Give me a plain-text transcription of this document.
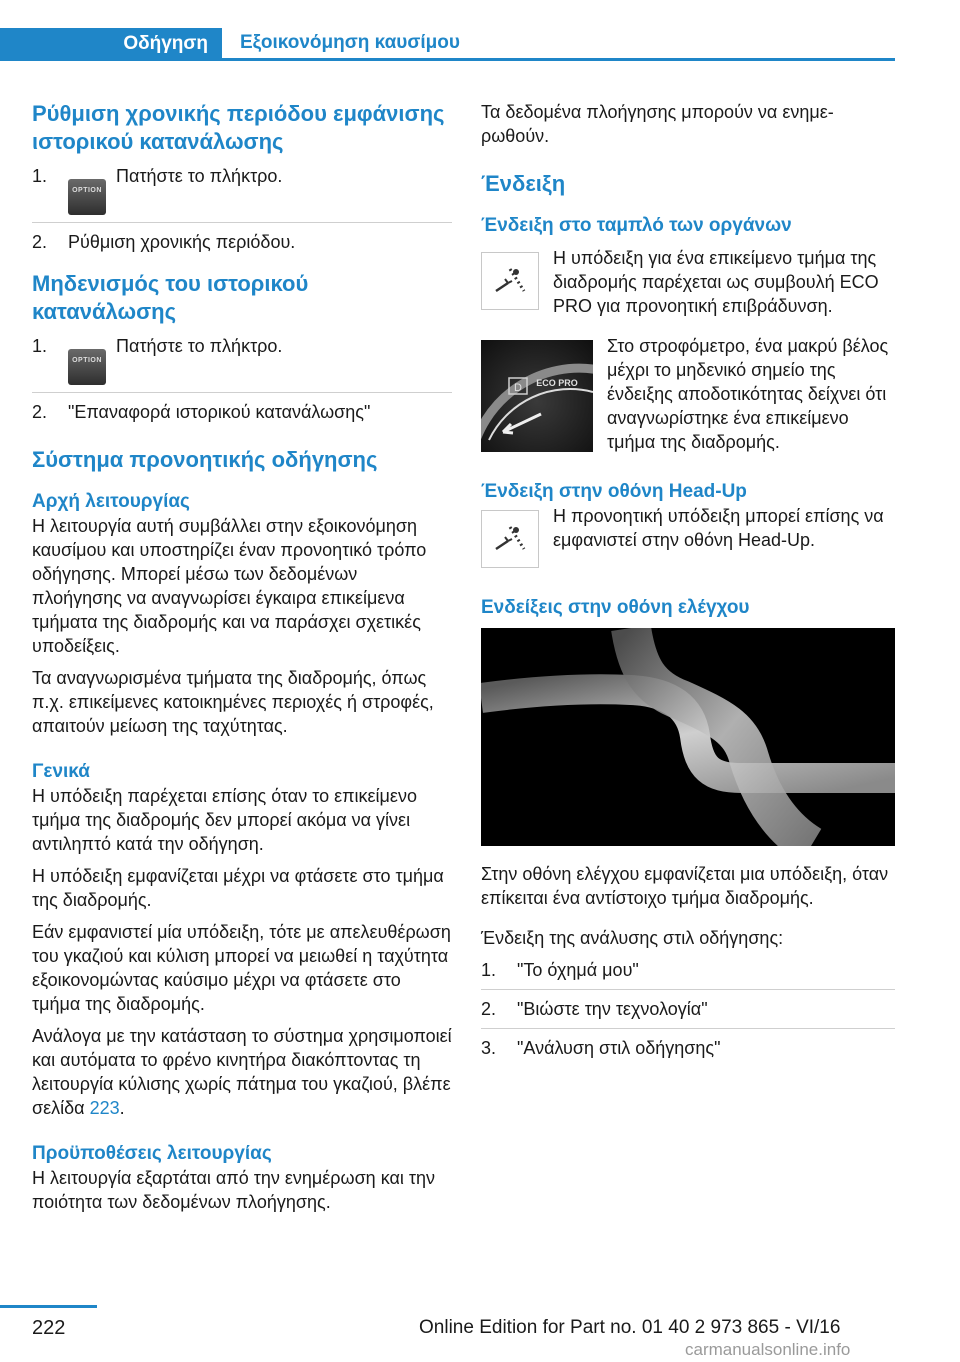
Οδήγηση	Εξοικονόμηση καυσίμου
Ρύθμιση χρονικής περιόδου εμφάνισης ιστορικού κατανάλωσης
1.
OPTIONΠατήστε το πλήκτρο.
2. Ρύθμιση χρονικής περιόδου.
Μηδενισμός του ιστορικού κατανάλωσης
1.
OPTIONΠατήστε το πλήκτρο.
2. "Επαναφορά ιστορικού κατανάλωσης"
Σύστημα προνοητικής οδήγησης
Αρχή λειτουργίας

Η λειτουργία αυτή συμβάλλει στην εξοικονόμηση καυσίμου και υποστηρίζει έναν προνοητικό τρόπο οδήγησης. Μπορεί μέσω των δεδομένων πλοήγησης να αναγνωρίσει έγκαιρα επικείμενα τμήματα της διαδρομής και να παράσχει σχετικές υποδείξεις.

Τα αναγνωρισμένα τμήματα της διαδρομής, όπως π.χ. επικείμενες κατοικημένες περιοχές ή στροφές, απαιτούν μείωση της ταχύτητας.

Γενικά

Η υπόδειξη παρέχεται επίσης όταν το επικείμενο τμήμα της διαδρομής δεν μπορεί ακόμα να γίνει αντιληπτό κατά την οδήγηση.

Η υπόδειξη εμφανίζεται μέχρι να φτάσετε στο τμήμα της διαδρομής.

Εάν εμφανιστεί μία υπόδειξη, τότε με απελευθέρωση του γκαζιού και κύλιση μπορεί να μειωθεί η ταχύτητα εξοικονομώντας καύσιμο μέχρι να φτάσετε στο τμήμα της διαδρομής.

Ανάλογα με την κατάσταση το σύστημα χρησιμοποιεί και αυτόματα το φρένο κινητήρα διακόπτοντας τη λειτουργία κύλισης χωρίς πάτημα του γκαζιού, βλέπε σελίδα 223.

Προϋποθέσεις λειτουργίας

Η λειτουργία εξαρτάται από την ενημέρωση και την ποιότητα των δεδομένων πλοήγησης.

Τα δεδομένα πλοήγησης μπορούν να ενημερωθούν.

Ένδειξη
Ένδειξη στο ταμπλό των οργάνων

Η υπόδειξη για ένα επικείμενο τμήμα της διαδρομής παρέχεται ως συμβουλή ECO PRO για προνοητική επιβράδυνση.

D ECO PRO

Στο στροφόμετρο, ένα μακρύ βέλος μέχρι το μηδενικό σημείο της ένδειξης αποδοτικότητας δείχνει ότι αναγνωρίστηκε ένα επικείμενο τμήμα της διαδρομής.

Ένδειξη στην οθόνη Head-Up

Η προνοητική υπόδειξη μπορεί επίσης να εμφανιστεί στην οθόνη Head-Up.

Ενδείξεις στην οθόνη ελέγχου

Στην οθόνη ελέγχου εμφανίζεται μια υπόδειξη, όταν επίκειται ένα αντίστοιχο τμήμα διαδρομής.

Ένδειξη της ανάλυσης στιλ οδήγησης:

1. "Το όχημά μου"
2. "Βιώστε την τεχνολογία"
3. "Ανάλυση στιλ οδήγησης"
222	Online Edition for Part no. 01 40 2 973 865 - VI/16
carmanualsonline.info
